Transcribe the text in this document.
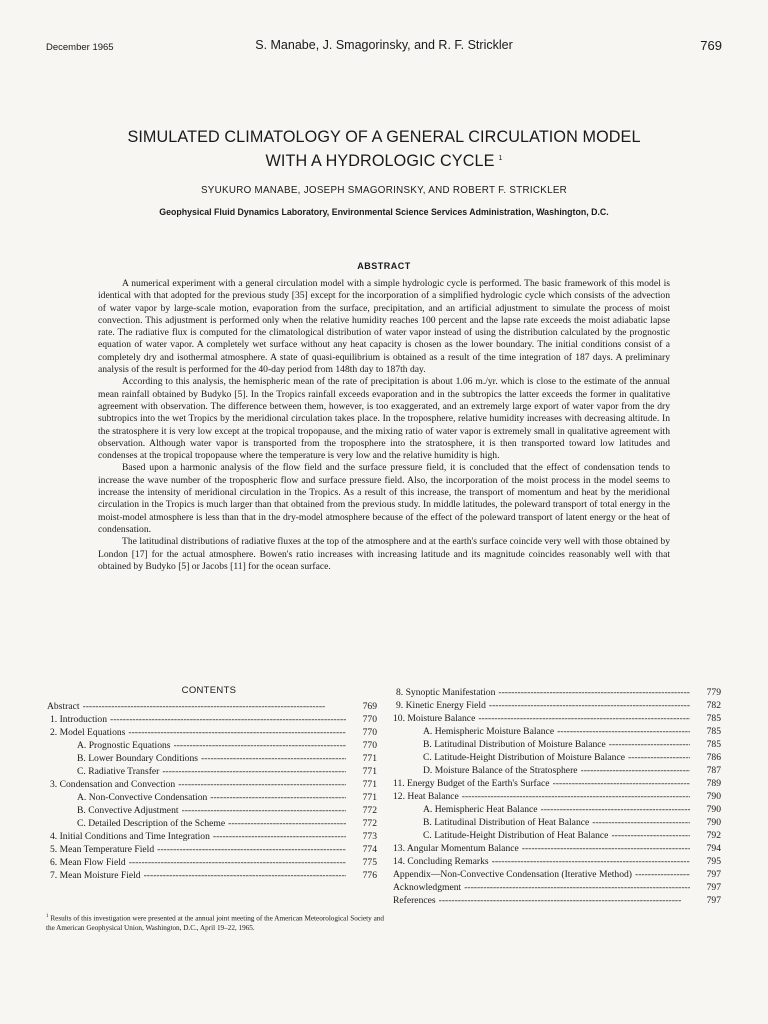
December 1965	S. Manabe, J. Smagorinsky, and R. F. Strickler	769
SIMULATED CLIMATOLOGY OF A GENERAL CIRCULATION MODEL
WITH A HYDROLOGIC CYCLE $^1$
SYUKURO MANABE, JOSEPH SMAGORINSKY, AND ROBERT F. STRICKLER
Geophysical Fluid Dynamics Laboratory, Environmental Science Services Administration, Washington, D.C.
ABSTRACT

A numerical experiment with a general circulation model with a simple hydrologic cycle is performed. The basic framework of this model is identical with that adopted for the previous study [35] except for the incorporation of a simplified hydrologic cycle which consists of the advection of water vapor by large-scale motion, evaporation from the surface, precipitation, and an artificial adjustment to simulate the process of moist convection. This adjustment is performed only when the relative humidity reaches 100 percent and the lapse rate exceeds the moist adiabatic lapse rate. The radiative flux is computed for the climatological distribution of water vapor instead of using the distribution calculated by the prognostic equation of water vapor. A completely wet surface without any heat capacity is chosen as the lower boundary. The initial conditions consist of a completely dry and isothermal atmosphere. A state of quasi-equilibrium is obtained as a result of the time integration of 187 days. A preliminary analysis of the result is performed for the 40-day period from 148th day to 187th day.

According to this analysis, the hemispheric mean of the rate of precipitation is about 1.06 m./yr. which is close to the estimate of the annual mean rainfall obtained by Budyko [5]. In the Tropics rainfall exceeds evaporation and in the subtropics the latter exceeds the former in qualitative agreement with observation. The difference between them, however, is too exaggerated, and an extremely large export of water vapor from the dry subtropics into the wet Tropics by the meridional circulation takes place. In the troposphere, relative humidity increases with decreasing altitude. In the stratosphere it is very low except at the tropical tropopause, and the mixing ratio of water vapor is extremely small in qualitative agreement with observation. Although water vapor is transported from the troposphere into the stratosphere, it is then transported toward low latitudes and condenses at the tropical tropopause where the temperature is very low and the relative humidity is high.

Based upon a harmonic analysis of the flow field and the surface pressure field, it is concluded that the effect of condensation tends to increase the wave number of the tropospheric flow and surface pressure field. Also, the incorporation of the moist process in the model seems to increase the intensity of meridional circulation in the Tropics. As a result of this increase, the transport of momentum and heat by the meridional circulation in the Tropics is much larger than that obtained from the previous study. In middle latitudes, the poleward transport of total energy in the moist-model atmosphere is less than that in the dry-model atmosphere because of the effect of the poleward transport of latent energy or the heat of condensation.

The latitudinal distributions of radiative fluxes at the top of the atmosphere and at the earth's surface coincide very well with those obtained by London [17] for the actual atmosphere. Bowen's ratio increases with increasing latitude and its magnitude coincides reasonably well with that obtained by Budyko [5] or Jacobs [11] for the ocean surface.

CONTENTS
Abstract - - -	769
1. Introduction - - -	770
2. Model Equations - - -	770
A. Prognostic Equations - - -	770
B. Lower Boundary Conditions - - -	771
C. Radiative Transfer - - -	771
3. Condensation and Convection - - -	771
A. Non-Convective Condensation - - -	771
B. Convective Adjustment - - -	772
C. Detailed Description of the Scheme - - -	772
4. Initial Conditions and Time Integration - - -	773
5. Mean Temperature Field - - -	774
6. Mean Flow Field - - -	775
7. Mean Moisture Field - - -	776
8. Synoptic Manifestation - - -	779
9. Kinetic Energy Field - - -	782
10. Moisture Balance - - -	785
A. Hemispheric Moisture Balance - - -	785
B. Latitudinal Distribution of Moisture Balance - - -	785
C. Latitude-Height Distribution of Moisture Balance - - -	786
D. Moisture Balance of the Stratosphere - - -	787
11. Energy Budget of the Earth's Surface - - -	789
12. Heat Balance - - -	790
A. Hemispheric Heat Balance - - -	790
B. Latitudinal Distribution of Heat Balance - - -	790
C. Latitude-Height Distribution of Heat Balance - - -	792
13. Angular Momentum Balance - - -	794
14. Concluding Remarks - - -	795
Appendix—Non-Convective Condensation (Iterative Method) - - -	797
Acknowledgment - - -	797
References - - -	797
$^1$ Results of this investigation were presented at the annual joint meeting of the American Meteorological Society and the American Geophysical Union, Washington, D.C., April 19–22, 1965.
